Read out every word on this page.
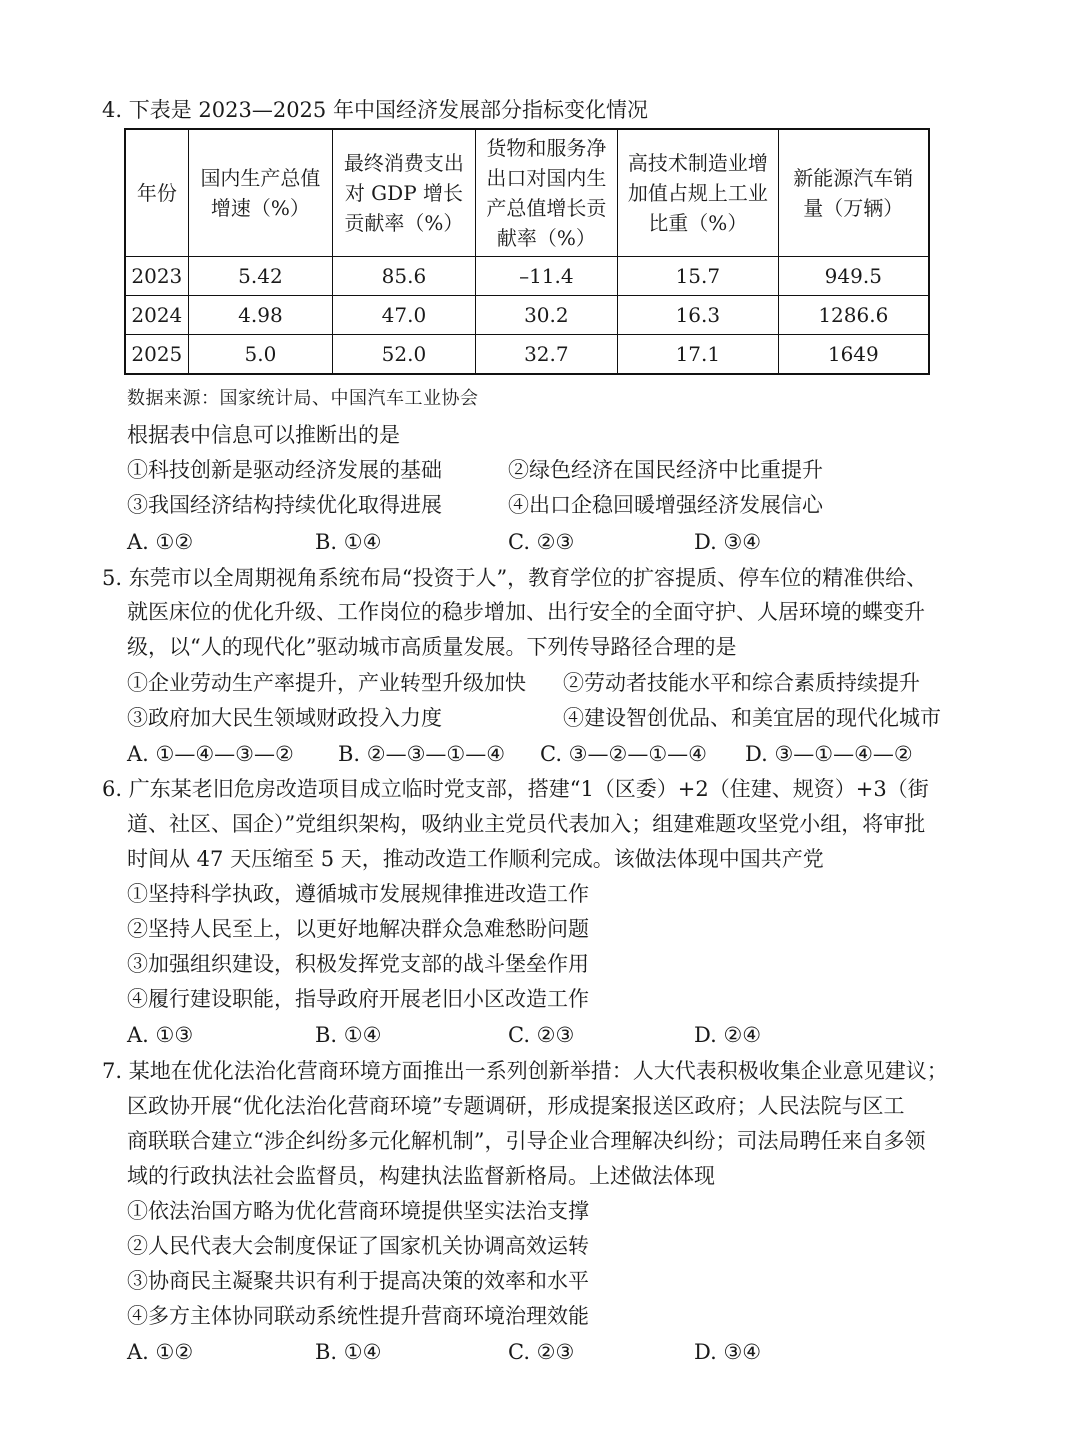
4. 下表是 2023—2025 年中国经济发展部分指标变化情况
年份	国内生产总值增速（%）	最终消费支出对 GDP 增长贡献率（%）	货物和服务净出口对国内生产总值增长贡献率（%）	高技术制造业增加值占规上工业比重（%）	新能源汽车销量（万辆）

2023	5.42	85.6	–11.4	15.7	949.5
2024	4.98	47.0	30.2	16.3	1286.6
2025	5.0	52.0	32.7	17.1	1649
数据来源：国家统计局、中国汽车工业协会
根据表中信息可以推断出的是
①科技创新是驱动经济发展的基础	②绿色经济在国民经济中比重提升
③我国经济结构持续优化取得进展	④出口企稳回暖增强经济发展信心
A. ①②	B. ①④	C. ②③	D. ③④
5. 东莞市以全周期视角系统布局“投资于人”，教育学位的扩容提质、停车位的精准供给、
就医床位的优化升级、工作岗位的稳步增加、出行安全的全面守护、人居环境的蝶变升
级，以“人的现代化”驱动城市高质量发展。下列传导路径合理的是
①企业劳动生产率提升，产业转型升级加快 ②劳动者技能水平和综合素质持续提升
③政府加大民生领域财政投入力度	④建设智创优品、和美宜居的现代化城市
A. ①—④—③—② B. ②—③—①—④ C. ③—②—①—④ D. ③—①—④—②
6. 广东某老旧危房改造项目成立临时党支部，搭建“1（区委）+2（住建、规资）+3（街
道、社区、国企）”党组织架构，吸纳业主党员代表加入；组建难题攻坚党小组，将审批
时间从 47 天压缩至 5 天，推动改造工作顺利完成。该做法体现中国共产党
①坚持科学执政，遵循城市发展规律推进改造工作
②坚持人民至上，以更好地解决群众急难愁盼问题
③加强组织建设，积极发挥党支部的战斗堡垒作用
④履行建设职能，指导政府开展老旧小区改造工作
A. ①③	B. ①④	C. ②③	D. ②④
7. 某地在优化法治化营商环境方面推出一系列创新举措：人大代表积极收集企业意见建议；
区政协开展“优化法治化营商环境”专题调研，形成提案报送区政府；人民法院与区工
商联联合建立“涉企纠纷多元化解机制”，引导企业合理解决纠纷；司法局聘任来自多领
域的行政执法社会监督员，构建执法监督新格局。上述做法体现
①依法治国方略为优化营商环境提供坚实法治支撑
②人民代表大会制度保证了国家机关协调高效运转
③协商民主凝聚共识有利于提高决策的效率和水平
④多方主体协同联动系统性提升营商环境治理效能
A. ①②	B. ①④	C. ②③	D. ③④
